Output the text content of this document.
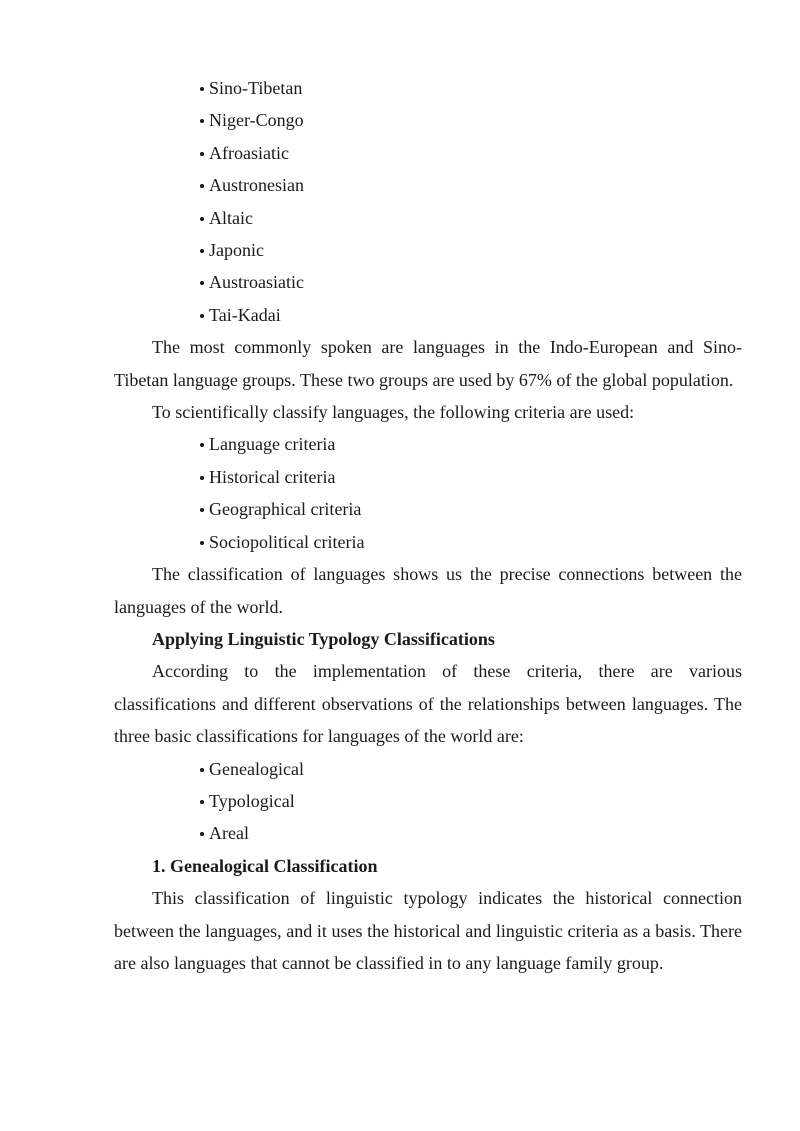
Sino-Tibetan
Niger-Congo
Afroasiatic
Austronesian
Altaic
Japonic
Austroasiatic
Tai-Kadai

The most commonly spoken are languages in the Indo-European and Sino-Tibetan language groups. These two groups are used by 67% of the global population.

To scientifically classify languages, the following criteria are used:

Language criteria
Historical criteria
Geographical criteria
Sociopolitical criteria

The classification of languages shows us the precise connections between the languages of the world.

Applying Linguistic Typology Classifications

According to the implementation of these criteria, there are various classifications and different observations of the relationships between languages. The three basic classifications for languages of the world are:

Genealogical
Typological
Areal

1. Genealogical Classification

This classification of linguistic typology indicates the historical connection between the languages, and it uses the historical and linguistic criteria as a basis. There are also languages that cannot be classified in to any language family group.
